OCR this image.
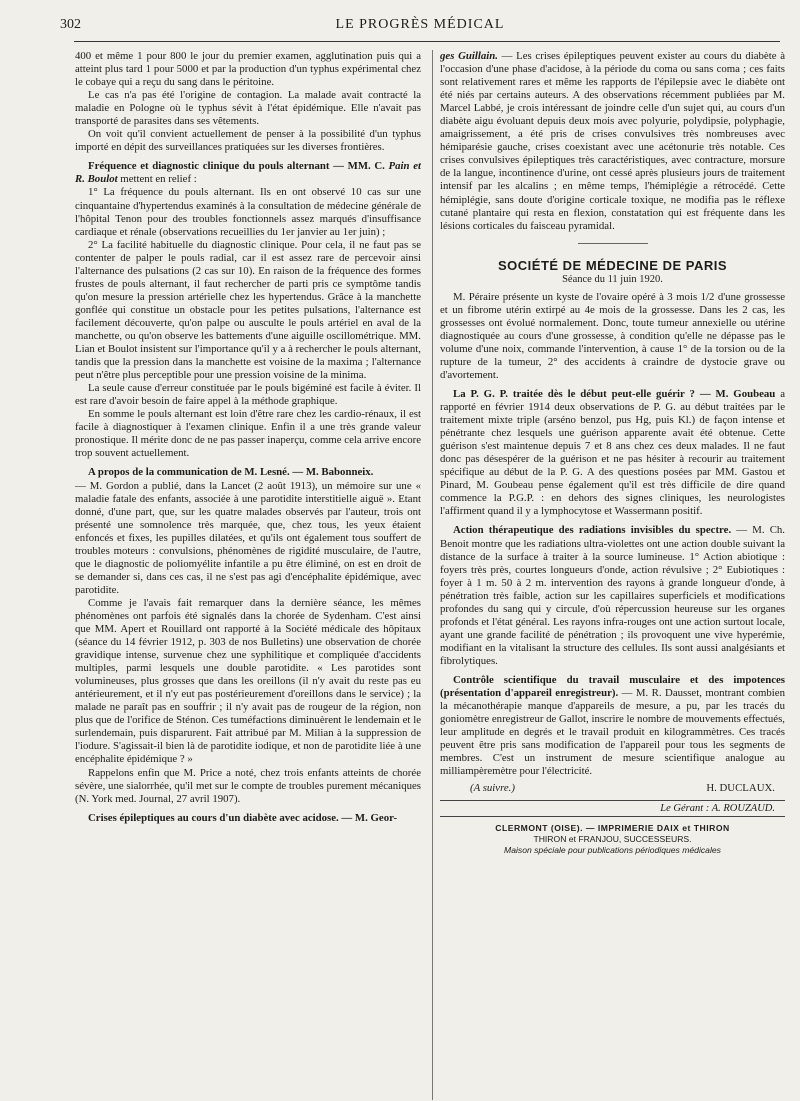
302	LE PROGRÈS MÉDICAL

400 et même 1 pour 800 le jour du premier examen, agglutination puis qui a atteint plus tard 1 pour 5000 et par la production d'un typhus expérimental chez le cobaye qui a reçu du sang dans le péritoine.

Le cas n'a pas été l'origine de contagion. La malade avait contracté la maladie en Pologne où le typhus sévit à l'état épidémique. Elle n'avait pas transporté de parasites dans ses vêtements.

On voit qu'il convient actuellement de penser à la possibilité d'un typhus importé en dépit des surveillances pratiquées sur les diverses frontières.

Fréquence et diagnostic clinique du pouls alternant — MM. C. Pain et R. Boulot mettent en relief :

1° La fréquence du pouls alternant. Ils en ont observé 10 cas sur une cinquantaine d'hypertendus examinés à la consultation de médecine générale de l'hôpital Tenon pour des troubles fonctionnels assez marqués d'insuffisance cardiaque et rénale (observations recueillies du 1er janvier au 1er juin) ;

2° La facilité habituelle du diagnostic clinique. Pour cela, il ne faut pas se contenter de palper le pouls radial, car il est assez rare de percevoir ainsi l'alternance des pulsations (2 cas sur 10). En raison de la fréquence des formes frustes de pouls alternant, il faut rechercher de parti pris ce symptôme tandis qu'on mesure la pression artérielle chez les hypertendus. Grâce à la manchette gonflée qui constitue un obstacle pour les petites pulsations, l'alternance est facilement découverte, qu'on palpe ou ausculte le pouls artériel en aval de la manchette, ou qu'on observe les battements d'une aiguille oscillométrique. MM. Lian et Boulot insistent sur l'importance qu'il y a à rechercher le pouls alternant, tandis que la pression dans la manchette est voisine de la maxima ; l'alternance peut n'être plus perceptible pour une pression voisine de la minima.

La seule cause d'erreur constituée par le pouls bigéminé est facile à éviter. Il est rare d'avoir besoin de faire appel à la méthode graphique.

En somme le pouls alternant est loin d'être rare chez les cardio-rénaux, il est facile à diagnostiquer à l'examen clinique. Enfin il a une très grande valeur pronostique. Il mérite donc de ne pas passer inaperçu, comme cela arrive encore trop souvent actuellement.

A propos de la communication de M. Lesné. — M. Babonneix.

— M. Gordon a publié, dans la Lancet (2 août 1913), un mémoire sur une « maladie fatale des enfants, associée à une parotidite interstitielle aiguë ». Etant donné, d'une part, que, sur les quatre malades observés par l'auteur, trois ont présenté une somnolence très marquée, que, chez tous, les yeux étaient enfoncés et fixes, les pupilles dilatées, et qu'ils ont également tous souffert de troubles moteurs : convulsions, phénomènes de rigidité musculaire, de l'autre, que le diagnostic de poliomyélite infantile a pu être éliminé, on est en droit de se demander si, dans ces cas, il ne s'est pas agi d'encéphalite épidémique, avec parotidite.

Comme je l'avais fait remarquer dans la dernière séance, les mêmes phénomènes ont parfois été signalés dans la chorée de Sydenham. C'est ainsi que MM. Apert et Rouillard ont rapporté à la Société médicale des hôpitaux (séance du 14 février 1912, p. 303 de nos Bulletins) une observation de chorée gravidique intense, survenue chez une syphilitique et compliquée d'accidents multiples, parmi lesquels une double parotidite. « Les parotides sont volumineuses, plus grosses que dans les oreillons (il n'y avait du reste pas eu antérieurement, et il n'y eut pas postérieurement d'oreillons dans le service) ; la malade ne paraît pas en souffrir ; il n'y avait pas de rougeur de la région, non plus que de l'orifice de Sténon. Ces tuméfactions diminuèrent le lendemain et le surlendemain, puis disparurent. Fait attribué par M. Milian à la suppression de l'iodure. S'agissait-il bien là de parotidite iodique, et non de parotidite liée à une encéphalite épidémique ? »

Rappelons enfin que M. Price a noté, chez trois enfants atteints de chorée sévère, une sialorrhée, qu'il met sur le compte de troubles purement mécaniques (N. York med. Journal, 27 avril 1907).

Crises épileptiques au cours d'un diabète avec acidose. — M. Geor-

ges Guillain. — Les crises épileptiques peuvent exister au cours du diabète à l'occasion d'une phase d'acidose, à la période du coma ou sans coma ; ces faits sont relativement rares et même les rapports de l'épilepsie avec le diabète ont été niés par certains auteurs. A des observations récemment publiées par M. Marcel Labbé, je crois intéressant de joindre celle d'un sujet qui, au cours d'un diabète aigu évoluant depuis deux mois avec polyurie, polydipsie, polyphagie, amaigrissement, a été pris de crises convulsives très nombreuses avec hémiparésie gauche, crises coexistant avec une acétonurie très notable. Ces crises convulsives épileptiques très caractéristiques, avec contracture, morsure de la langue, incontinence d'urine, ont cessé après plusieurs jours de traitement intensif par les alcalins ; en même temps, l'hémiplégie a rétrocédé. Cette hémiplégie, sans doute d'origine corticale toxique, ne modifia pas le réflexe cutané plantaire qui resta en flexion, constatation qui est fréquente dans les lésions corticales du faisceau pyramidal.

SOCIÉTÉ DE MÉDECINE DE PARIS
Séance du 11 juin 1920.

M. Péraire présente un kyste de l'ovaire opéré à 3 mois 1/2 d'une grossesse et un fibrome utérin extirpé au 4e mois de la grossesse. Dans les 2 cas, les grossesses ont évolué normalement. Donc, toute tumeur annexielle ou utérine diagnostiquée au cours d'une grossesse, à condition qu'elle ne dépasse pas le volume d'une noix, commande l'intervention, à cause 1° de la torsion ou de la rupture de la tumeur, 2° des accidents à craindre de dystocie grave ou d'avortement.

La P. G. P. traitée dès le début peut-elle guérir ? — M. Goubeau a rapporté en février 1914 deux observations de P. G. au début traitées par le traitement mixte triple (arséno benzol, pus Hg, puis Kl.) de façon intense et pénétrante chez lesquels une guérison apparente avait été obtenue. Cette guérison s'est maintenue depuis 7 et 8 ans chez ces deux malades. Il ne faut donc pas désespérer de la guérison et ne pas hésiter à recourir au traitement spécifique au début de la P. G. A des questions posées par MM. Gastou et Pinard, M. Goubeau pense également qu'il est très difficile de dire quand commence la P.G.P. : en dehors des signes cliniques, les neurologistes l'affirment quand il y a lymphocytose et Wassermann positif.

Action thérapeutique des radiations invisibles du spectre. — M. Ch. Benoit montre que les radiations ultra-violettes ont une action double suivant la distance de la surface à traiter à la source lumineuse. 1° Action abiotique : foyers très près, courtes longueurs d'onde, action révulsive ; 2° Eubiotiques : foyer à 1 m. 50 à 2 m. intervention des rayons à grande longueur d'onde, à pénétration très faible, action sur les capillaires superficiels et modifications profondes du sang qui y circule, d'où répercussion heureuse sur les organes profonds et l'état général. Les rayons infra-rouges ont une action surtout locale, ayant une grande facilité de pénétration ; ils provoquent une vive hyperémie, modifiant en la vitalisant la structure des cellules. Ils sont aussi analgésiants et fibrolytiques.

Contrôle scientifique du travail musculaire et des impotences (présentation d'appareil enregistreur). — M. R. Dausset, montrant combien la mécanothérapie manque d'appareils de mesure, a pu, par les tracés du goniomètre enregistreur de Gallot, inscrire le nombre de mouvements effectués, leur amplitude en degrés et le travail produit en kilogrammètres. Ces tracés peuvent être pris sans modification de l'appareil pour tous les segments de membres. C'est un instrument de mesure scientifique analogue au milliampèremètre pour l'électricité.

(A suivre.)	H. DUCLAUX.
Le Gérant : A. ROUZAUD.
CLERMONT (OISE). — IMPRIMERIE DAIX et THIRON
THIRON et FRANJOU, SUCCESSEURS.
Maison spéciale pour publications périodiques médicales
